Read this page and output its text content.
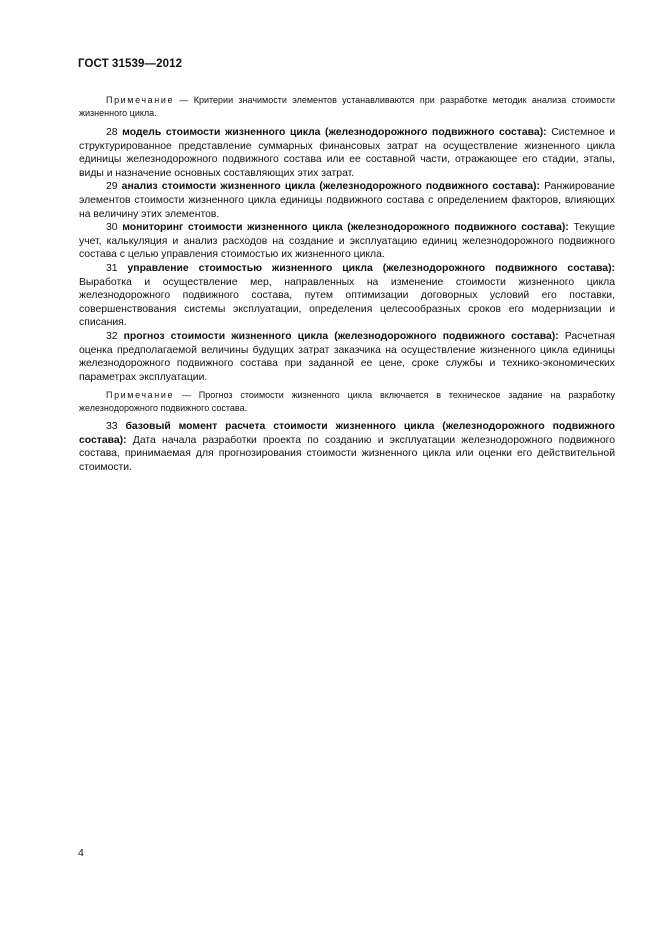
ГОСТ 31539—2012

Примечание — Критерии значимости элементов устанавливаются при разработке методик анализа стоимости жизненного цикла.

28 модель стоимости жизненного цикла (железнодорожного подвижного состава): Системное и структурированное представление суммарных финансовых затрат на осуществление жизненного цикла единицы железнодорожного подвижного состава или ее составной части, отражающее его стадии, этапы, виды и назначение основных составляющих этих затрат.

29 анализ стоимости жизненного цикла (железнодорожного подвижного состава): Ранжирование элементов стоимости жизненного цикла единицы подвижного состава с определением факторов, влияющих на величину этих элементов.

30 мониторинг стоимости жизненного цикла (железнодорожного подвижного состава): Текущие учет, калькуляция и анализ расходов на создание и эксплуатацию единиц железнодорожного подвижного состава с целью управления стоимостью их жизненного цикла.

31 управление стоимостью жизненного цикла (железнодорожного подвижного состава): Выработка и осуществление мер, направленных на изменение стоимости жизненного цикла железнодорожного подвижного состава, путем оптимизации договорных условий его поставки, совершенствования системы эксплуатации, определения целесообразных сроков его модернизации и списания.

32 прогноз стоимости жизненного цикла (железнодорожного подвижного состава): Расчетная оценка предполагаемой величины будущих затрат заказчика на осуществление жизненного цикла единицы железнодорожного подвижного состава при заданной ее цене, сроке службы и технико-экономических параметрах эксплуатации.

Примечание — Прогноз стоимости жизненного цикла включается в техническое задание на разработку железнодорожного подвижного состава.

33 базовый момент расчета стоимости жизненного цикла (железнодорожного подвижного состава): Дата начала разработки проекта по созданию и эксплуатации железнодорожного подвижного состава, принимаемая для прогнозирования стоимости жизненного цикла или оценки его действительной стоимости.

4
